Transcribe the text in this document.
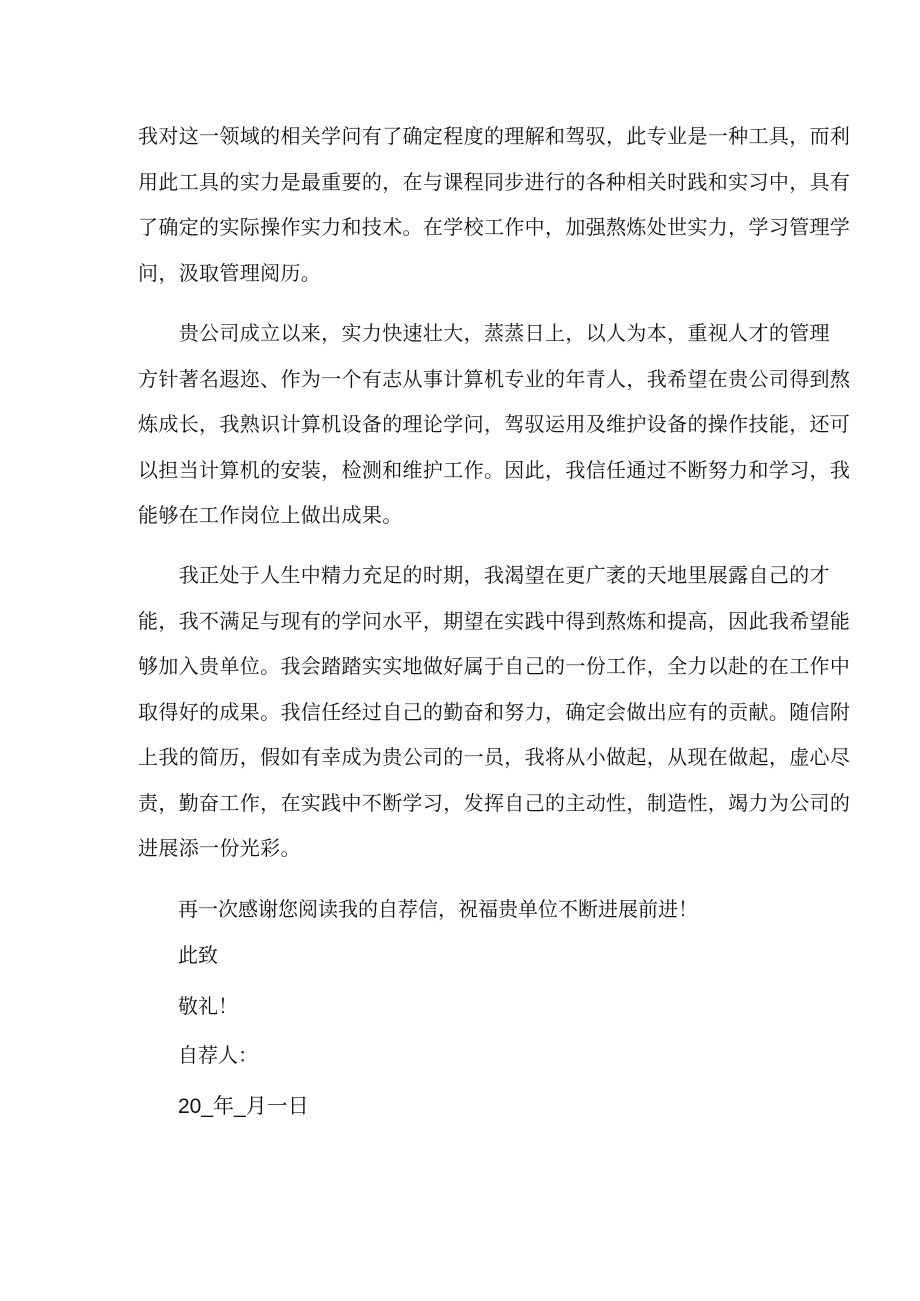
我对这一领域的相关学问有了确定程度的理解和驾驭，此专业是一种工具，而利
用此工具的实力是最重要的，在与课程同步进行的各种相关时践和实习中，具有
了确定的实际操作实力和技术。在学校工作中，加强熬炼处世实力，学习管理学
问，汲取管理阅历。
　　贵公司成立以来，实力快速壮大，蒸蒸日上，以人为本，重视人才的管理
方针著名遐迩、作为一个有志从事计算机专业的年青人，我希望在贵公司得到熬
炼成长，我熟识计算机设备的理论学问，驾驭运用及维护设备的操作技能，还可
以担当计算机的安装，检测和维护工作。因此，我信任通过不断努力和学习，我
能够在工作岗位上做出成果。
　　我正处于人生中精力充足的时期，我渴望在更广袤的天地里展露自己的才
能，我不满足与现有的学问水平，期望在实践中得到熬炼和提高，因此我希望能
够加入贵单位。我会踏踏实实地做好属于自己的一份工作，全力以赴的在工作中
取得好的成果。我信任经过自己的勤奋和努力，确定会做出应有的贡献。随信附
上我的简历，假如有幸成为贵公司的一员，我将从小做起，从现在做起，虚心尽
责，勤奋工作，在实践中不断学习，发挥自己的主动性，制造性，竭力为公司的
进展添一份光彩。

再一次感谢您阅读我的自荐信，祝福贵单位不断进展前进！

此致

敬礼！

自荐人：

20_年_月一日
